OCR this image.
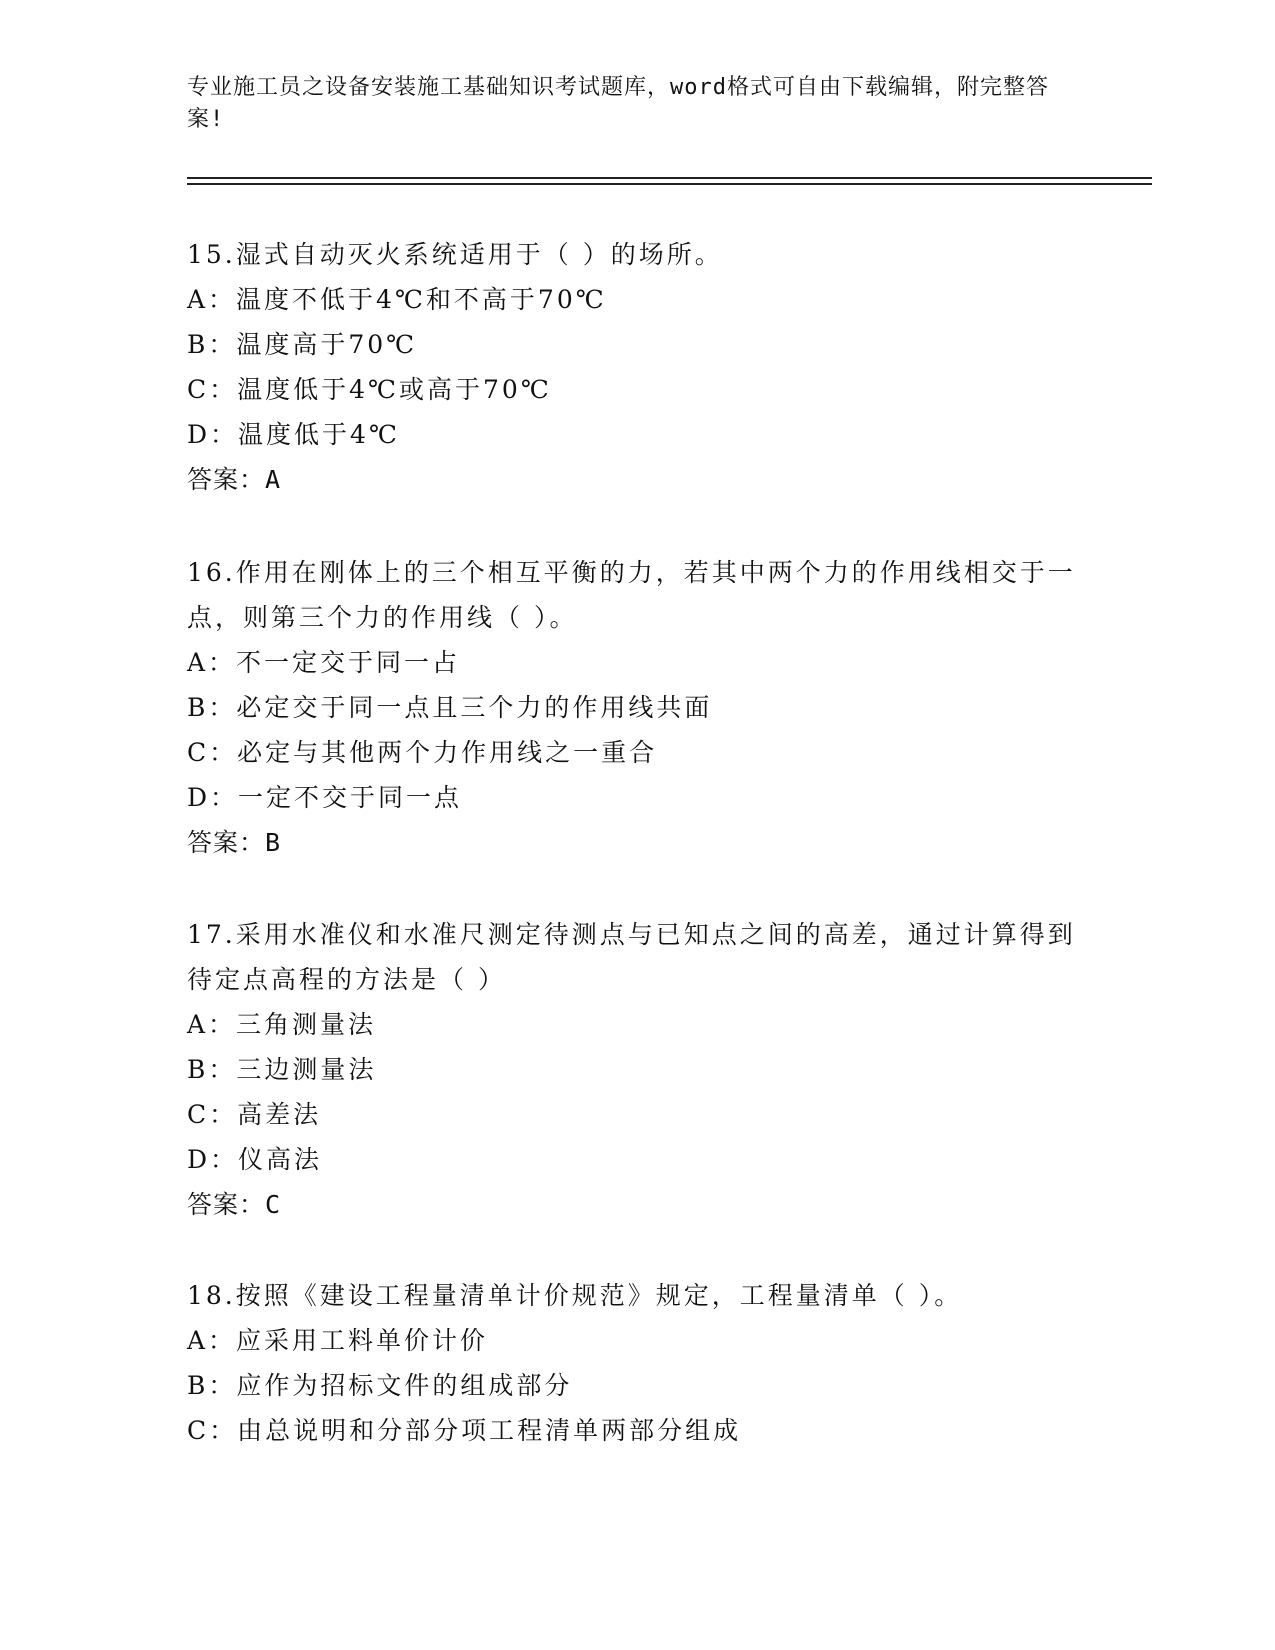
专业施工员之设备安装施工基础知识考试题库，word格式可自由下载编辑，附完整答案!

15.湿式自动灭火系统适用于（ ）的场所。

A：温度不低于4℃和不高于70℃

B：温度高于70℃

C：温度低于4℃或高于70℃

D：温度低于4℃

答案：A

16.作用在刚体上的三个相互平衡的力，若其中两个力的作用线相交于一点，则第三个力的作用线（ ）。

A：不一定交于同一占

B：必定交于同一点且三个力的作用线共面

C：必定与其他两个力作用线之一重合

D：一定不交于同一点

答案：B

17.采用水准仪和水准尺测定待测点与已知点之间的高差，通过计算得到待定点高程的方法是（ ）

A：三角测量法

B：三边测量法

C：高差法

D：仪高法

答案：C

18.按照《建设工程量清单计价规范》规定，工程量清单（ ）。

A：应采用工料单价计价

B：应作为招标文件的组成部分

C：由总说明和分部分项工程清单两部分组成
